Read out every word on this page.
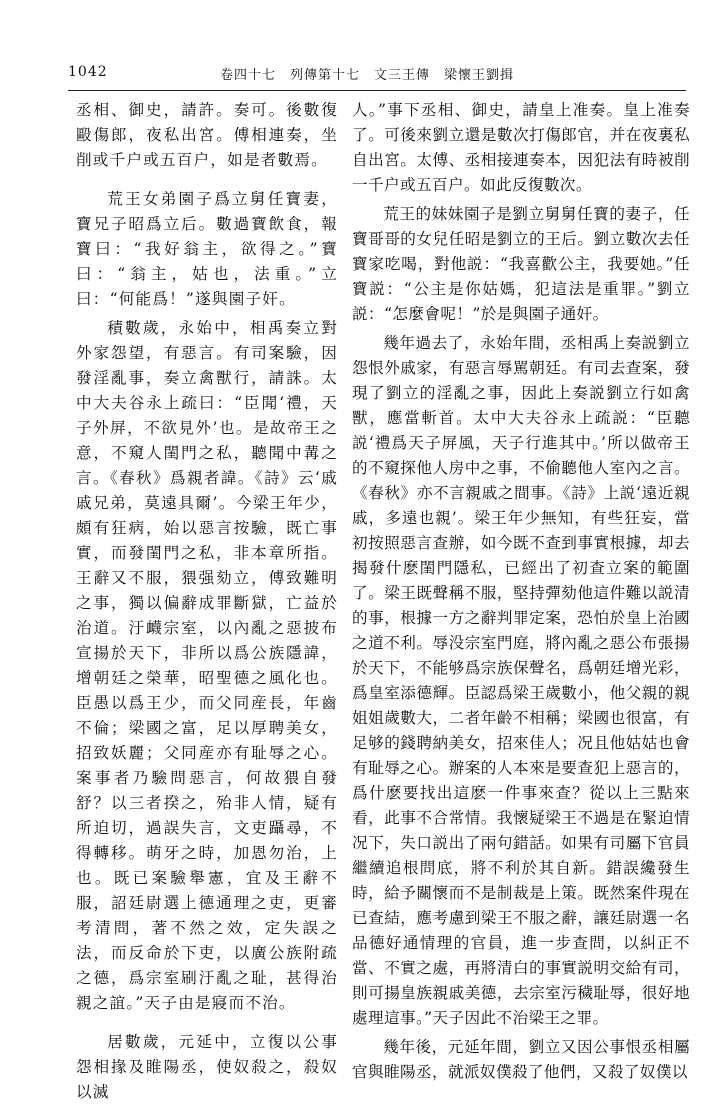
1042	卷四十七　列傳第十七　文三王傳　梁懷王劉揖

丞相、御史，請許。奏可。後數復毆傷郎，夜私出宮。傅相連奏，坐削或千户或五百户，如是者數焉。

荒王女弟園子爲立舅任寶妻，寶兄子昭爲立后。數過寶飲食，報寶曰：“我好翁主，欲得之。”寶曰：“翁主，姑也，法重。”立曰：“何能爲！”遂與園子奸。

積數歲，永始中，相禹奏立對外家怨望，有惡言。有司案驗，因發淫亂事，奏立禽獸行，請誅。太中大夫谷永上疏曰：“臣聞‘禮，天子外屏，不欲見外’也。是故帝王之意，不窺人閨門之私，聽聞中冓之言。《春秋》爲親者諱。《詩》云‘戚戚兄弟，莫遠具爾’。今梁王年少，頗有狂病，始以惡言按驗，既亡事實，而發閨門之私，非本章所指。王辭又不服，猥强劾立，傅致難明之事，獨以偏辭成罪斷獄，亡益於治道。汙衊宗室，以內亂之惡披布宣揚於天下，非所以爲公族隱諱，增朝廷之榮華，昭聖德之風化也。臣愚以爲王少，而父同産長，年齒不倫；梁國之富，足以厚聘美女，招致妖麗；父同産亦有耻辱之心。案事者乃驗問惡言，何故猥自發舒？以三者揆之，殆非人情，疑有所迫切，過誤失言，文吏躡尋，不得轉移。萌牙之時，加恩勿治，上也。既已案驗舉憲，宜及王辭不服，詔廷尉選上德通理之吏，更審考清問，著不然之效，定失誤之法，而反命於下吏，以廣公族附疏之德，爲宗室刷汙亂之耻，甚得治親之誼。”天子由是寢而不治。

居數歲，元延中，立復以公事怨相掾及睢陽丞，使奴殺之，殺奴以滅

人。”事下丞相、御史，請皇上准奏。皇上准奏了。可後來劉立還是數次打傷郎官，并在夜裏私自出宮。太傅、丞相接連奏本，因犯法有時被削一千户或五百户。如此反復數次。

荒王的妹妹園子是劉立舅舅任寶的妻子，任寶哥哥的女兒任昭是劉立的王后。劉立數次去任寶家吃喝，對他説：“我喜歡公主，我要她。”任寶説：“公主是你姑媽，犯這法是重罪。”劉立説：“怎麼會呢！”於是與園子通奸。

幾年過去了，永始年間，丞相禹上奏説劉立怨恨外戚家，有惡言辱駡朝廷。有司去查案，發現了劉立的淫亂之事，因此上奏説劉立行如禽獸，應當斬首。太中大夫谷永上疏説：“臣聽説‘禮爲天子屏風，天子行進其中。’所以做帝王的不窺探他人房中之事，不偷聽他人室內之言。《春秋》亦不言親戚之間事。《詩》上説‘遠近親戚，多遠也親’。梁王年少無知，有些狂妄，當初按照惡言查辦，如今既不查到事實根據，却去揭發什麽閨門隱私，已經出了初查立案的範圍了。梁王既聲稱不服，堅持彈劾他這件難以説清的事，根據一方之辭判罪定案，恐怕於皇上治國之道不利。辱没宗室門庭，將內亂之惡公布張揚於天下，不能够爲宗族保聲名，爲朝廷增光彩，爲皇室添德輝。臣認爲梁王歲數小，他父親的親姐姐歲數大，二者年齡不相稱；梁國也很富，有足够的錢聘納美女，招來佳人；况且他姑姑也會有耻辱之心。辦案的人本來是要查犯上惡言的，爲什麽要找出這麽一件事來查？從以上三點來看，此事不合常情。我懷疑梁王不過是在緊迫情况下，失口説出了兩句錯話。如果有司屬下官員繼續追根問底，將不利於其自新。錯誤纔發生時，給予關懷而不是制裁是上策。既然案件現在已查結，應考慮到梁王不服之辭，讓廷尉選一名品德好通情理的官員，進一步查問，以糾正不當、不實之處，再將清白的事實説明交給有司，則可揚皇族親戚美德，去宗室污穢耻辱，很好地處理這事。”天子因此不治梁王之罪。

幾年後，元延年間，劉立又因公事恨丞相屬官與睢陽丞，就派奴僕殺了他們，又殺了奴僕以
